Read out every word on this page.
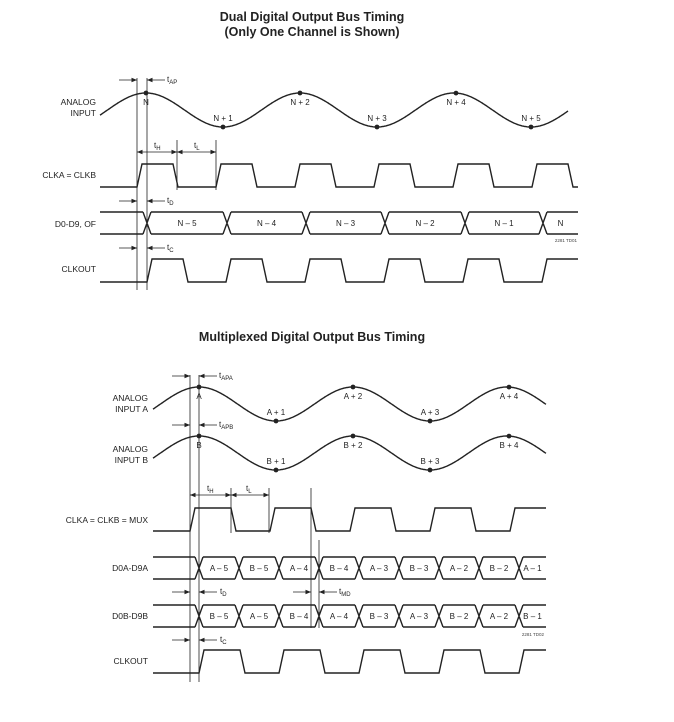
Dual Digital Output Bus Timing
(Only One Channel is Shown)
ANALOG
INPUT
CLKA = CLKB
D0-D9, OF
CLKOUT
N
N + 1
N + 2
N + 3
N + 4
N + 5
$t_{AP}$
$t_H$	$t_L$
$t_D$
N – 5	N – 4	N – 3	N – 2	N – 1	N
2281 TD01
$t_C$
Multiplexed Digital Output Bus Timing
ANALOG
INPUT A
ANALOG
INPUT B
CLKA = CLKB = MUX
D0A-D9A
D0B-D9B
CLKOUT
A
B
A + 1
B + 1
A + 2
B + 2
A + 3
B + 3
A + 4
B + 4
$t_{APA}$
$t_{APB}$
$t_H$	$t_L$
A – 5	B – 5	A – 4	B – 4	A – 3	B – 3	A – 2	B – 2 A – 1
$t_D$	$t_{MD}$
B – 5	A – 5	B – 4	A – 4	B – 3	A – 3	B – 2	A – 2 B – 1
2281 TD02
$t_C$
